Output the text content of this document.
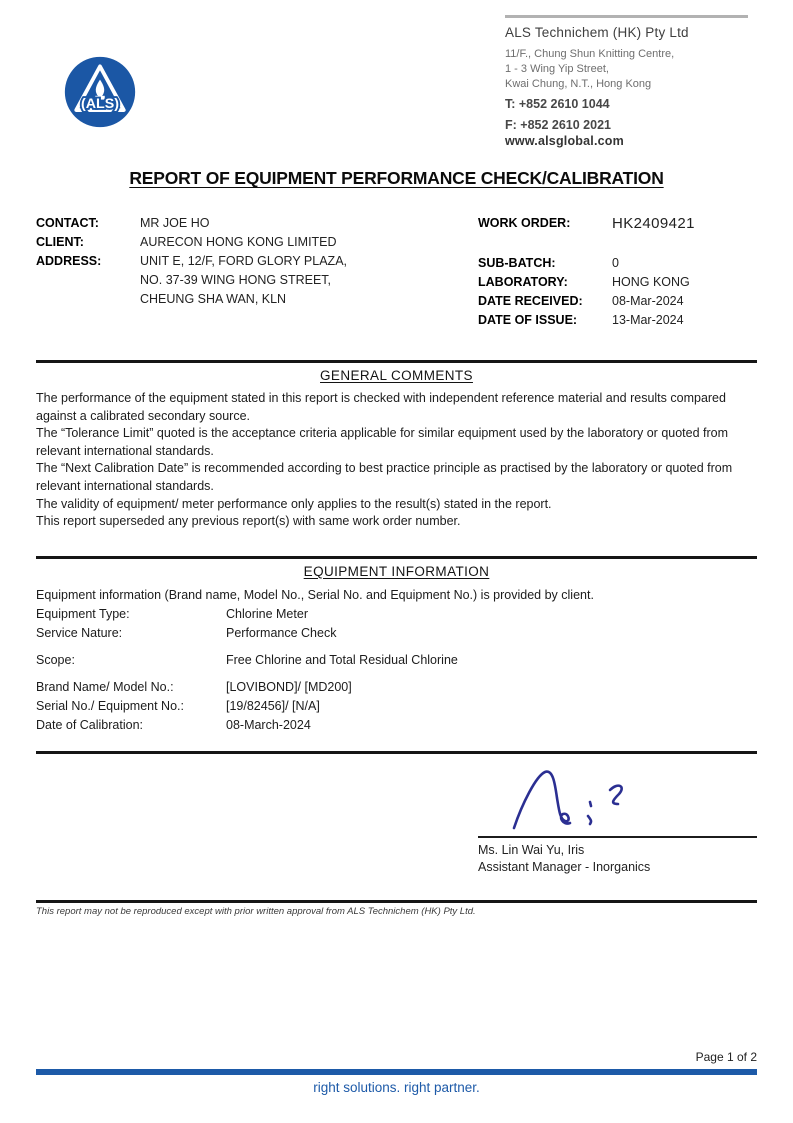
(ALS)
ALS Technichem (HK) Pty Ltd
11/F., Chung Shun Knitting Centre,
1 - 3 Wing Yip Street,
Kwai Chung, N.T., Hong Kong
T: +852 2610 1044
F: +852 2610 2021
www.alsglobal.com
REPORT OF EQUIPMENT PERFORMANCE CHECK/CALIBRATION
CONTACT:	MR JOE HO
CLIENT:	AURECON HONG KONG LIMITED
ADDRESS:	UNIT E, 12/F, FORD GLORY PLAZA,
NO. 37-39 WING HONG STREET,
CHEUNG SHA WAN, KLN
WORK ORDER:	HK2409421
SUB-BATCH:	0
LABORATORY:	HONG KONG
DATE RECEIVED:	08-Mar-2024
DATE OF ISSUE:	13-Mar-2024
GENERAL COMMENTS

The performance of the equipment stated in this report is checked with independent reference material and results compared against a calibrated secondary source.

The “Tolerance Limit” quoted is the acceptance criteria applicable for similar equipment used by the laboratory or quoted from relevant international standards.

The “Next Calibration Date” is recommended according to best practice principle as practised by the laboratory or quoted from relevant international standards.

The validity of equipment/ meter performance only applies to the result(s) stated in the report.

This report superseded any previous report(s) with same work order number.

EQUIPMENT INFORMATION

Equipment information (Brand name, Model No., Serial No. and Equipment No.) is provided by client.

Equipment Type:	Chlorine Meter
Service Nature:	Performance Check
Scope:	Free Chlorine and Total Residual Chlorine
Brand Name/ Model No.:	[LOVIBOND]/ [MD200]
Serial No./ Equipment No.:	[19/82456]/ [N/A]
Date of Calibration:	08-March-2024
Ms. Lin Wai Yu, Iris
Assistant Manager - Inorganics
This report may not be reproduced except with prior written approval from ALS Technichem (HK) Pty Ltd.
Page 1 of 2
right solutions. right partner.
